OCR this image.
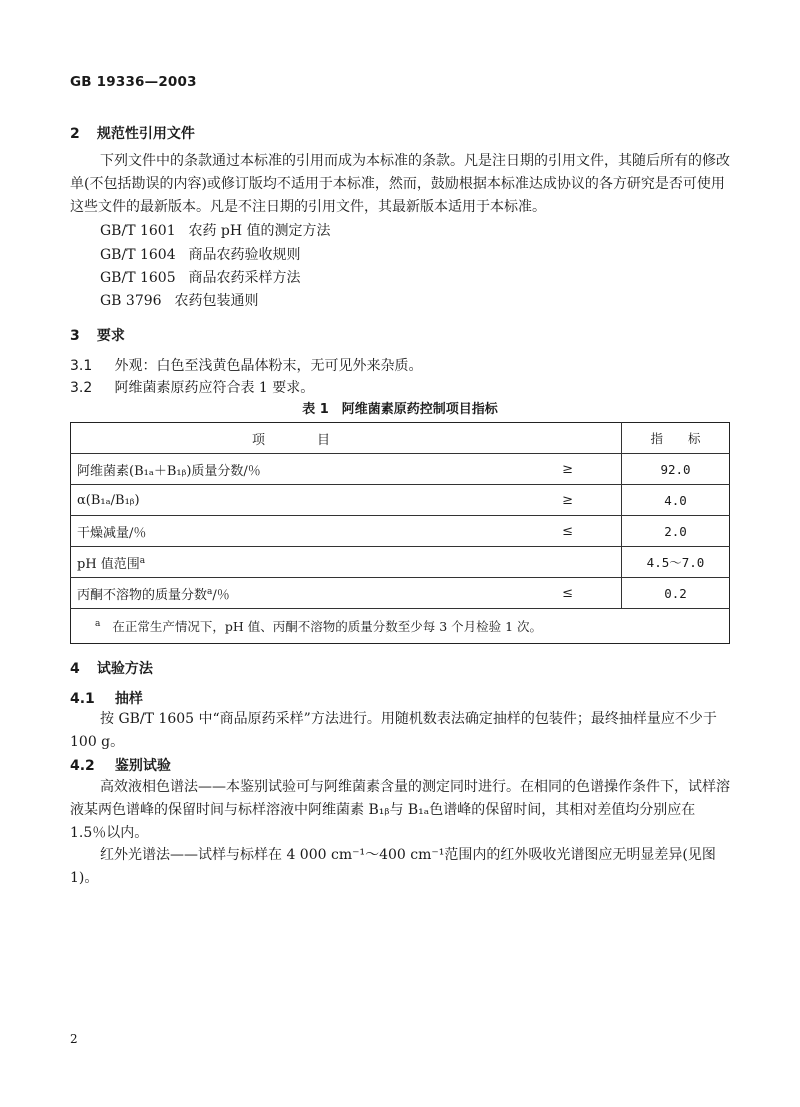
GB 19336—2003
2 规范性引用文件
下列文件中的条款通过本标准的引用而成为本标准的条款。凡是注日期的引用文件，其随后所有的修改单(不包括勘误的内容)或修订版均不适用于本标准，然而，鼓励根据本标准达成协议的各方研究是否可使用这些文件的最新版本。凡是不注日期的引用文件，其最新版本适用于本标准。
GB/T 1601 农药 pH 值的测定方法
GB/T 1604 商品农药验收规则
GB/T 1605 商品农药采样方法
GB 3796 农药包装通则
3 要求
3.1 外观：白色至浅黄色晶体粉末，无可见外来杂质。
3.2 阿维菌素原药应符合表 1 要求。
表 1　阿维菌素原药控制项目指标
项　　　　目		指　　标
阿维菌素(B₁ₐ＋B₁ᵦ)质量分数/％	≥	92.0
α(B₁ₐ/B₁ᵦ)	≥	4.0
干燥减量/％	≤	2.0
pH 值范围$^a$		4.5～7.0
丙酮不溶物的质量分数$^a$/％	≤	0.2
$^a$ 在正常生产情况下，pH 值、丙酮不溶物的质量分数至少每 3 个月检验 1 次。		
4 试验方法
4.1 抽样
按 GB/T 1605 中“商品原药采样”方法进行。用随机数表法确定抽样的包装件；最终抽样量应不少于 100 g。
4.2 鉴别试验
高效液相色谱法——本鉴别试验可与阿维菌素含量的测定同时进行。在相同的色谱操作条件下，试样溶液某两色谱峰的保留时间与标样溶液中阿维菌素 B₁ᵦ与 B₁ₐ色谱峰的保留时间，其相对差值均分别应在 1.5％以内。
红外光谱法——试样与标样在 4 000 cm⁻¹～400 cm⁻¹范围内的红外吸收光谱图应无明显差异(见图 1)。
2
